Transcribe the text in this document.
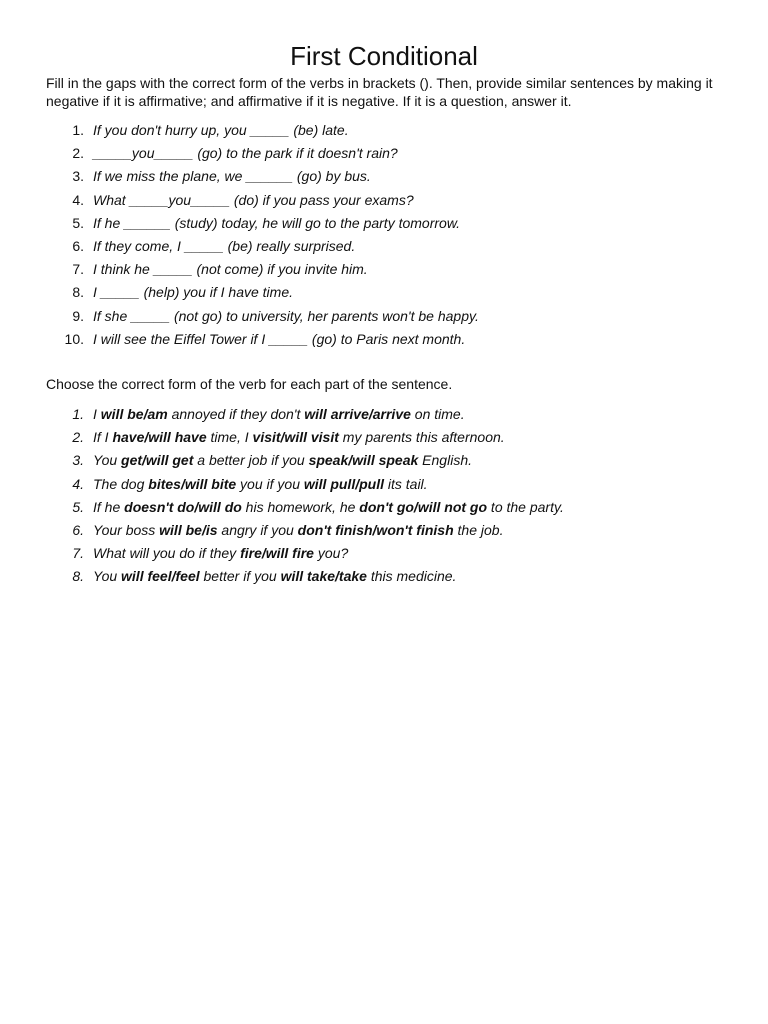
First Conditional

Fill in the gaps with the correct form of the verbs in brackets (). Then, provide similar sentences by making it negative if it is affirmative; and affirmative if it is negative. If it is a question, answer it.

1. If you don't hurry up, you _____ (be) late.
2. _____you_____ (go) to the park if it doesn't rain?
3. If we miss the plane, we ______ (go) by bus.
4. What _____you_____ (do) if you pass your exams?
5. If he ______ (study) today, he will go to the party tomorrow.
6. If they come, I _____ (be) really surprised.
7. I think he _____ (not come) if you invite him.
8. I _____ (help) you if I have time.
9. If she _____ (not go) to university, her parents won't be happy.
10. I will see the Eiffel Tower if I _____ (go) to Paris next month.

Choose the correct form of the verb for each part of the sentence.

1. I will be/am annoyed if they don't will arrive/arrive on time.
2. If I have/will have time, I visit/will visit my parents this afternoon.
3. You get/will get a better job if you speak/will speak English.
4. The dog bites/will bite you if you will pull/pull its tail.
5. If he doesn't do/will do his homework, he don't go/will not go to the party.
6. Your boss will be/is angry if you don't finish/won't finish the job.
7. What will you do if they fire/will fire you?
8. You will feel/feel better if you will take/take this medicine.
